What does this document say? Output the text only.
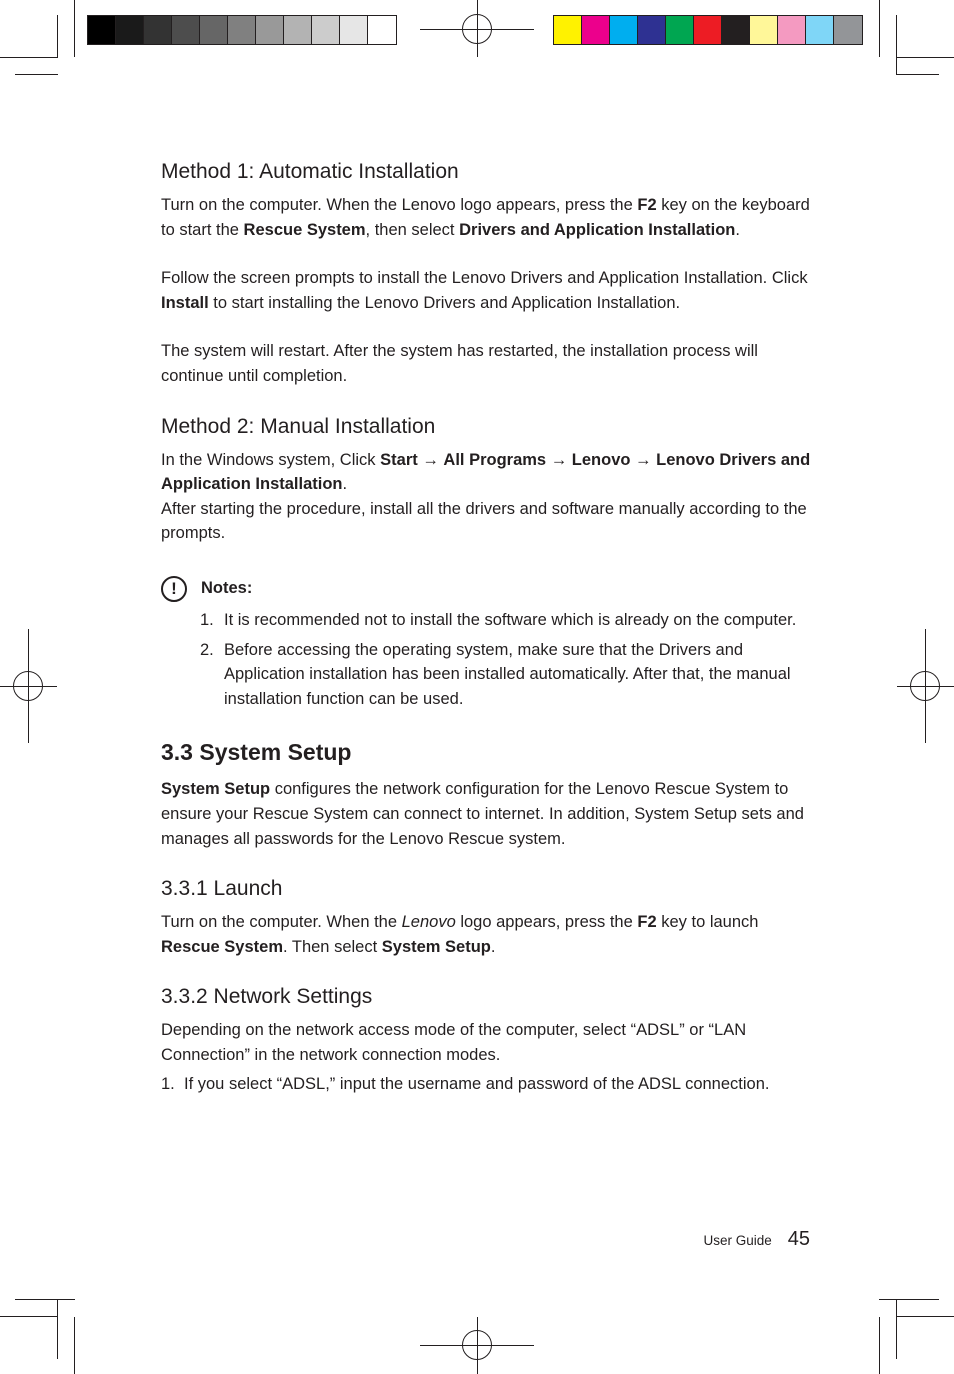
Method 1: Automatic Installation

Turn on the computer. When the Lenovo logo appears, press the F2 key on the keyboard to start the Rescue System, then select Drivers and Application Installation.

Follow the screen prompts to install the Lenovo Drivers and Application Installation. Click Install to start installing the Lenovo Drivers and Application Installation.

The system will restart. After the system has restarted, the installation process will continue until completion.

Method 2: Manual Installation

In the Windows system, Click Start → All Programs → Lenovo → Lenovo Drivers and Application Installation.

After starting the procedure, install all the drivers and software manually according to the prompts.

!	Notes:
1. It is recommended not to install the software which is already on the computer.
2. Before accessing the operating system, make sure that the Drivers and Application installation has been installed automatically. After that, the manual installation function can be used.
3.3 System Setup

System Setup configures the network configuration for the Lenovo Rescue System to ensure your Rescue System can connect to internet. In addition, System Setup sets and manages all passwords for the Lenovo Rescue system.

3.3.1 Launch

Turn on the computer. When the Lenovo logo appears, press the F2 key to launch Rescue System. Then select System Setup.

3.3.2 Network Settings

Depending on the network access mode of the computer, select “ADSL” or “LAN Connection” in the network connection modes.

1. If you select “ADSL,” input the username and password of the ADSL connection.
User Guide 45
